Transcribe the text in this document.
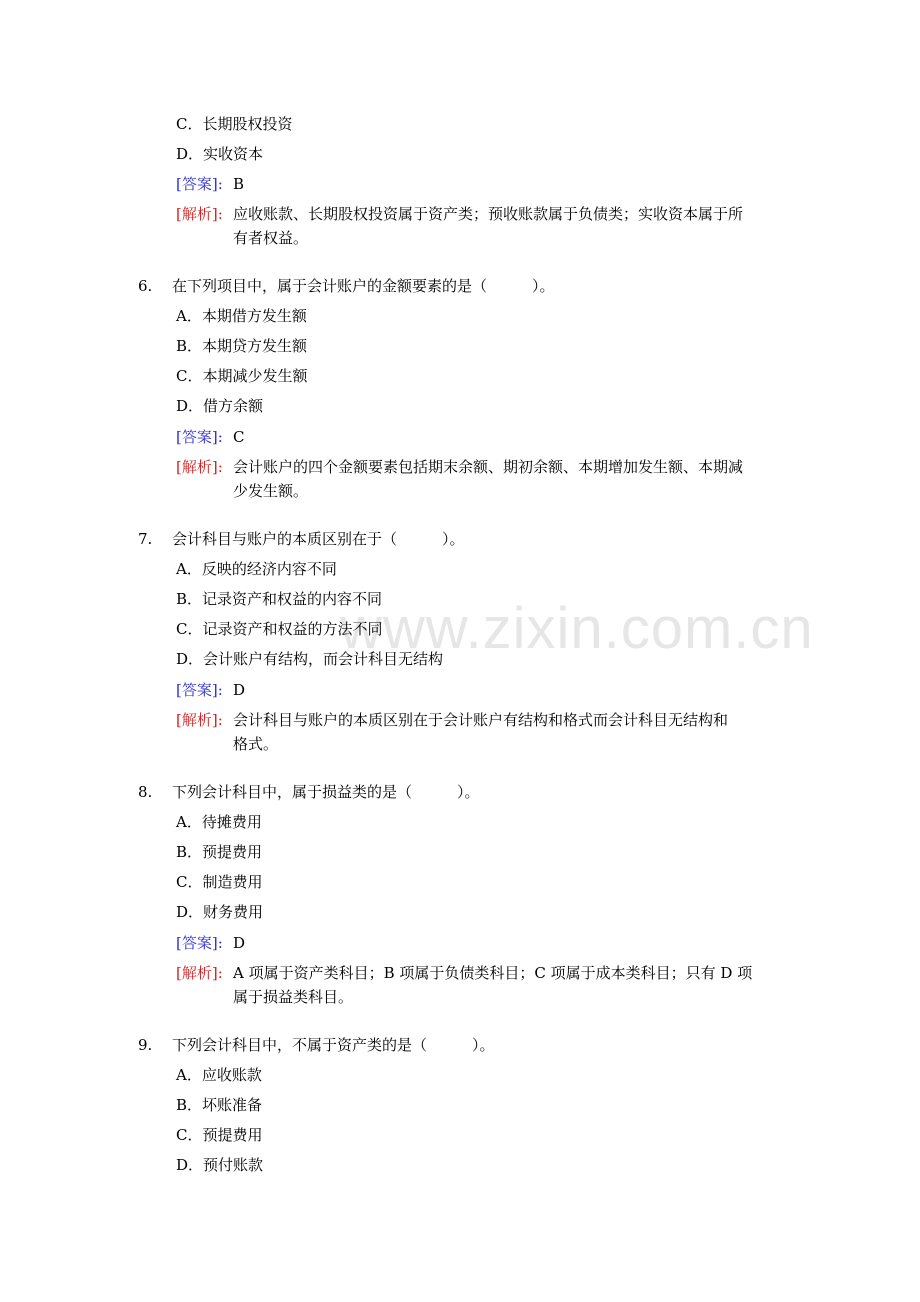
www.zixin.com.cn
C．长期股权投资
D．实收资本
[答案]: B
[解析]: 应收账款、长期股权投资属于资产类；预收账款属于负债类；实收资本属于所
有者权益。
6. 在下列项目中，属于会计账户的金额要素的是（　　　）。
A．本期借方发生额
B．本期贷方发生额
C．本期减少发生额
D．借方余额
[答案]: C
[解析]: 会计账户的四个金额要素包括期末余额、期初余额、本期增加发生额、本期减
少发生额。
7. 会计科目与账户的本质区别在于（　　　）。
A．反映的经济内容不同
B．记录资产和权益的内容不同
C．记录资产和权益的方法不同
D．会计账户有结构，而会计科目无结构
[答案]: D
[解析]: 会计科目与账户的本质区别在于会计账户有结构和格式而会计科目无结构和
格式。
8. 下列会计科目中，属于损益类的是（　　　）。
A．待摊费用
B．预提费用
C．制造费用
D．财务费用
[答案]: D
[解析]: A 项属于资产类科目；B 项属于负债类科目；C 项属于成本类科目；只有 D 项
属于损益类科目。
9. 下列会计科目中，不属于资产类的是（　　　）。
A．应收账款
B．坏账准备
C．预提费用
D．预付账款
